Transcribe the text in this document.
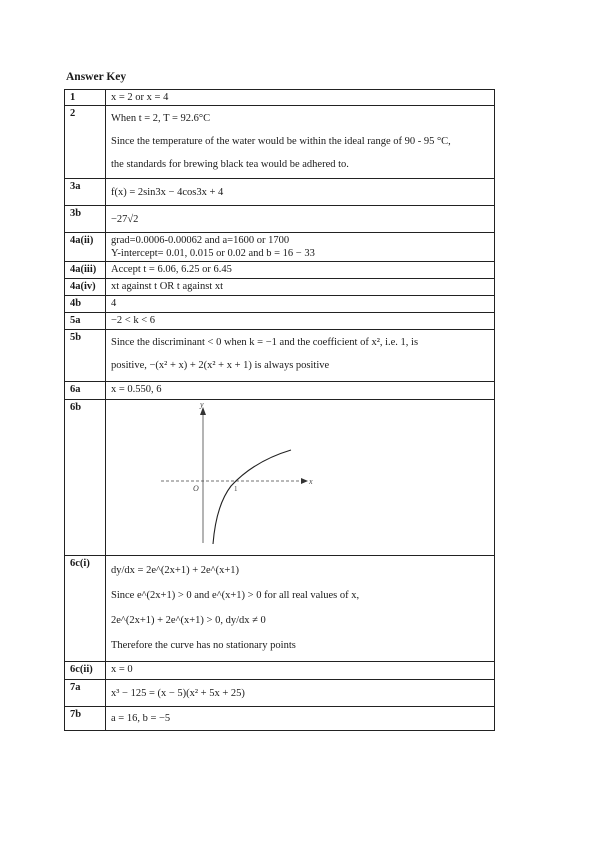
Answer Key
1	x = 2 or x = 4

2	When t = 2, T = 92.6°C
Since the temperature of the water would be within the ideal range of 90 - 95 °C,
the standards for brewing black tea would be adhered to.

3a	f(x) = 2sin3x − 4cos3x + 4

3b	−27√2

4a(ii)	grad=0.0006-0.00062 and a=1600 or 1700
Y-intercept= 0.01, 0.015 or 0.02 and b = 16 − 33

4a(iii)	Accept t = 6.06, 6.25 or 6.45

4a(iv)	xt against t OR t against xt

4b	4

5a	−2 < k < 6

5b	Since the discriminant < 0 when k = −1 and the coefficient of x², i.e. 1, is
positive, −(x² + x) + 2(x² + x + 1) is always positive

6a	x = 0.550, 6

6b	x
y
O 1

6c(i)	dy/dx = 2e^(2x+1) + 2e^(x+1)
Since e^(2x+1) > 0 and e^(x+1) > 0 for all real values of x,
2e^(2x+1) + 2e^(x+1) > 0, dy/dx ≠ 0
Therefore the curve has no stationary points

6c(ii)	x = 0

7a	x³ − 125 = (x − 5)(x² + 5x + 25)

7b	a = 16, b = −5
